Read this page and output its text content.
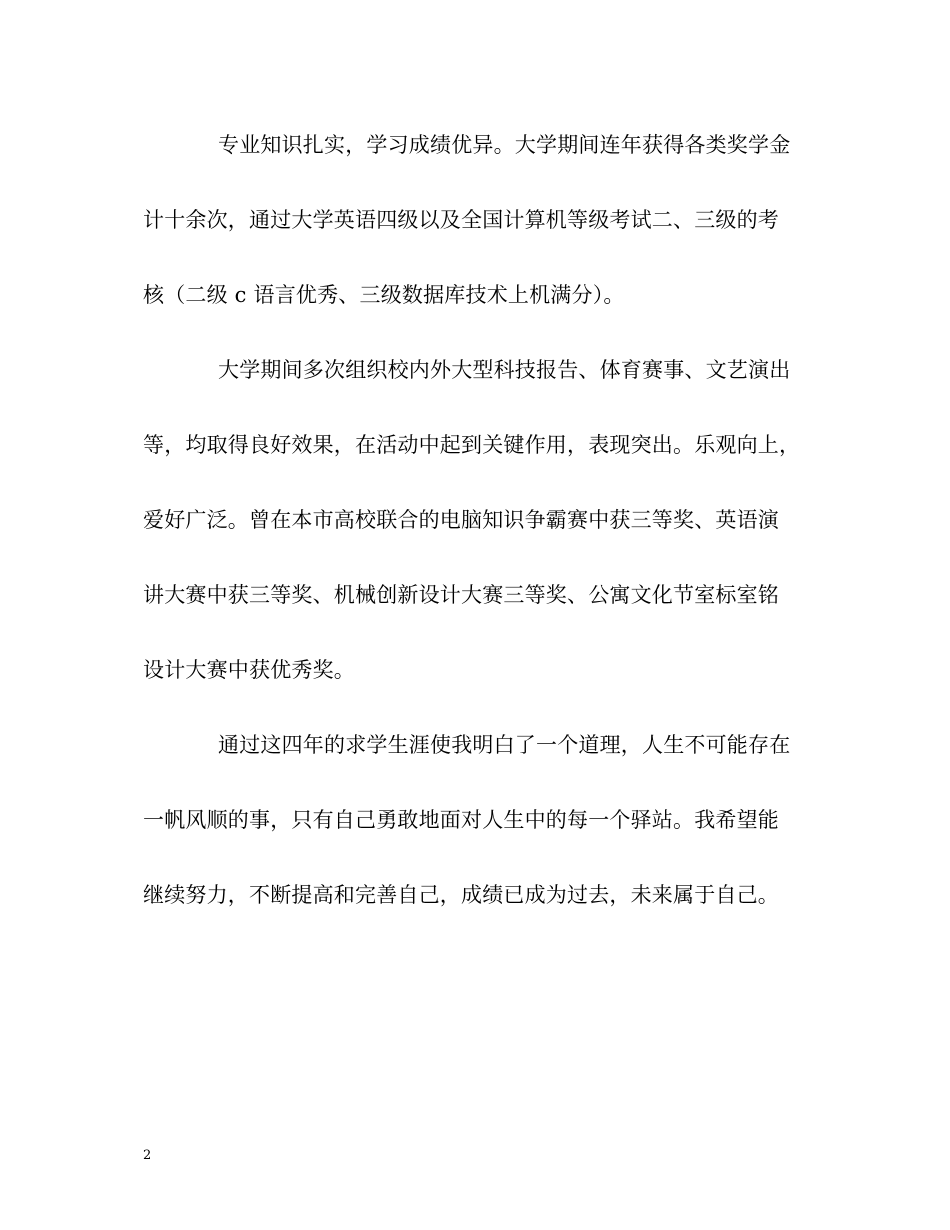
专业知识扎实，学习成绩优异。大学期间连年获得各类奖学金
计十余次，通过大学英语四级以及全国计算机等级考试二、三级的考
核（二级 c 语言优秀、三级数据库技术上机满分）。
大学期间多次组织校内外大型科技报告、体育赛事、文艺演出
等，均取得良好效果，在活动中起到关键作用，表现突出。乐观向上，
爱好广泛。曾在本市高校联合的电脑知识争霸赛中获三等奖、英语演
讲大赛中获三等奖、机械创新设计大赛三等奖、公寓文化节室标室铭
设计大赛中获优秀奖。
通过这四年的求学生涯使我明白了一个道理，人生不可能存在
一帆风顺的事，只有自己勇敢地面对人生中的每一个驿站。我希望能
继续努力，不断提高和完善自己，成绩已成为过去，未来属于自己。
2
